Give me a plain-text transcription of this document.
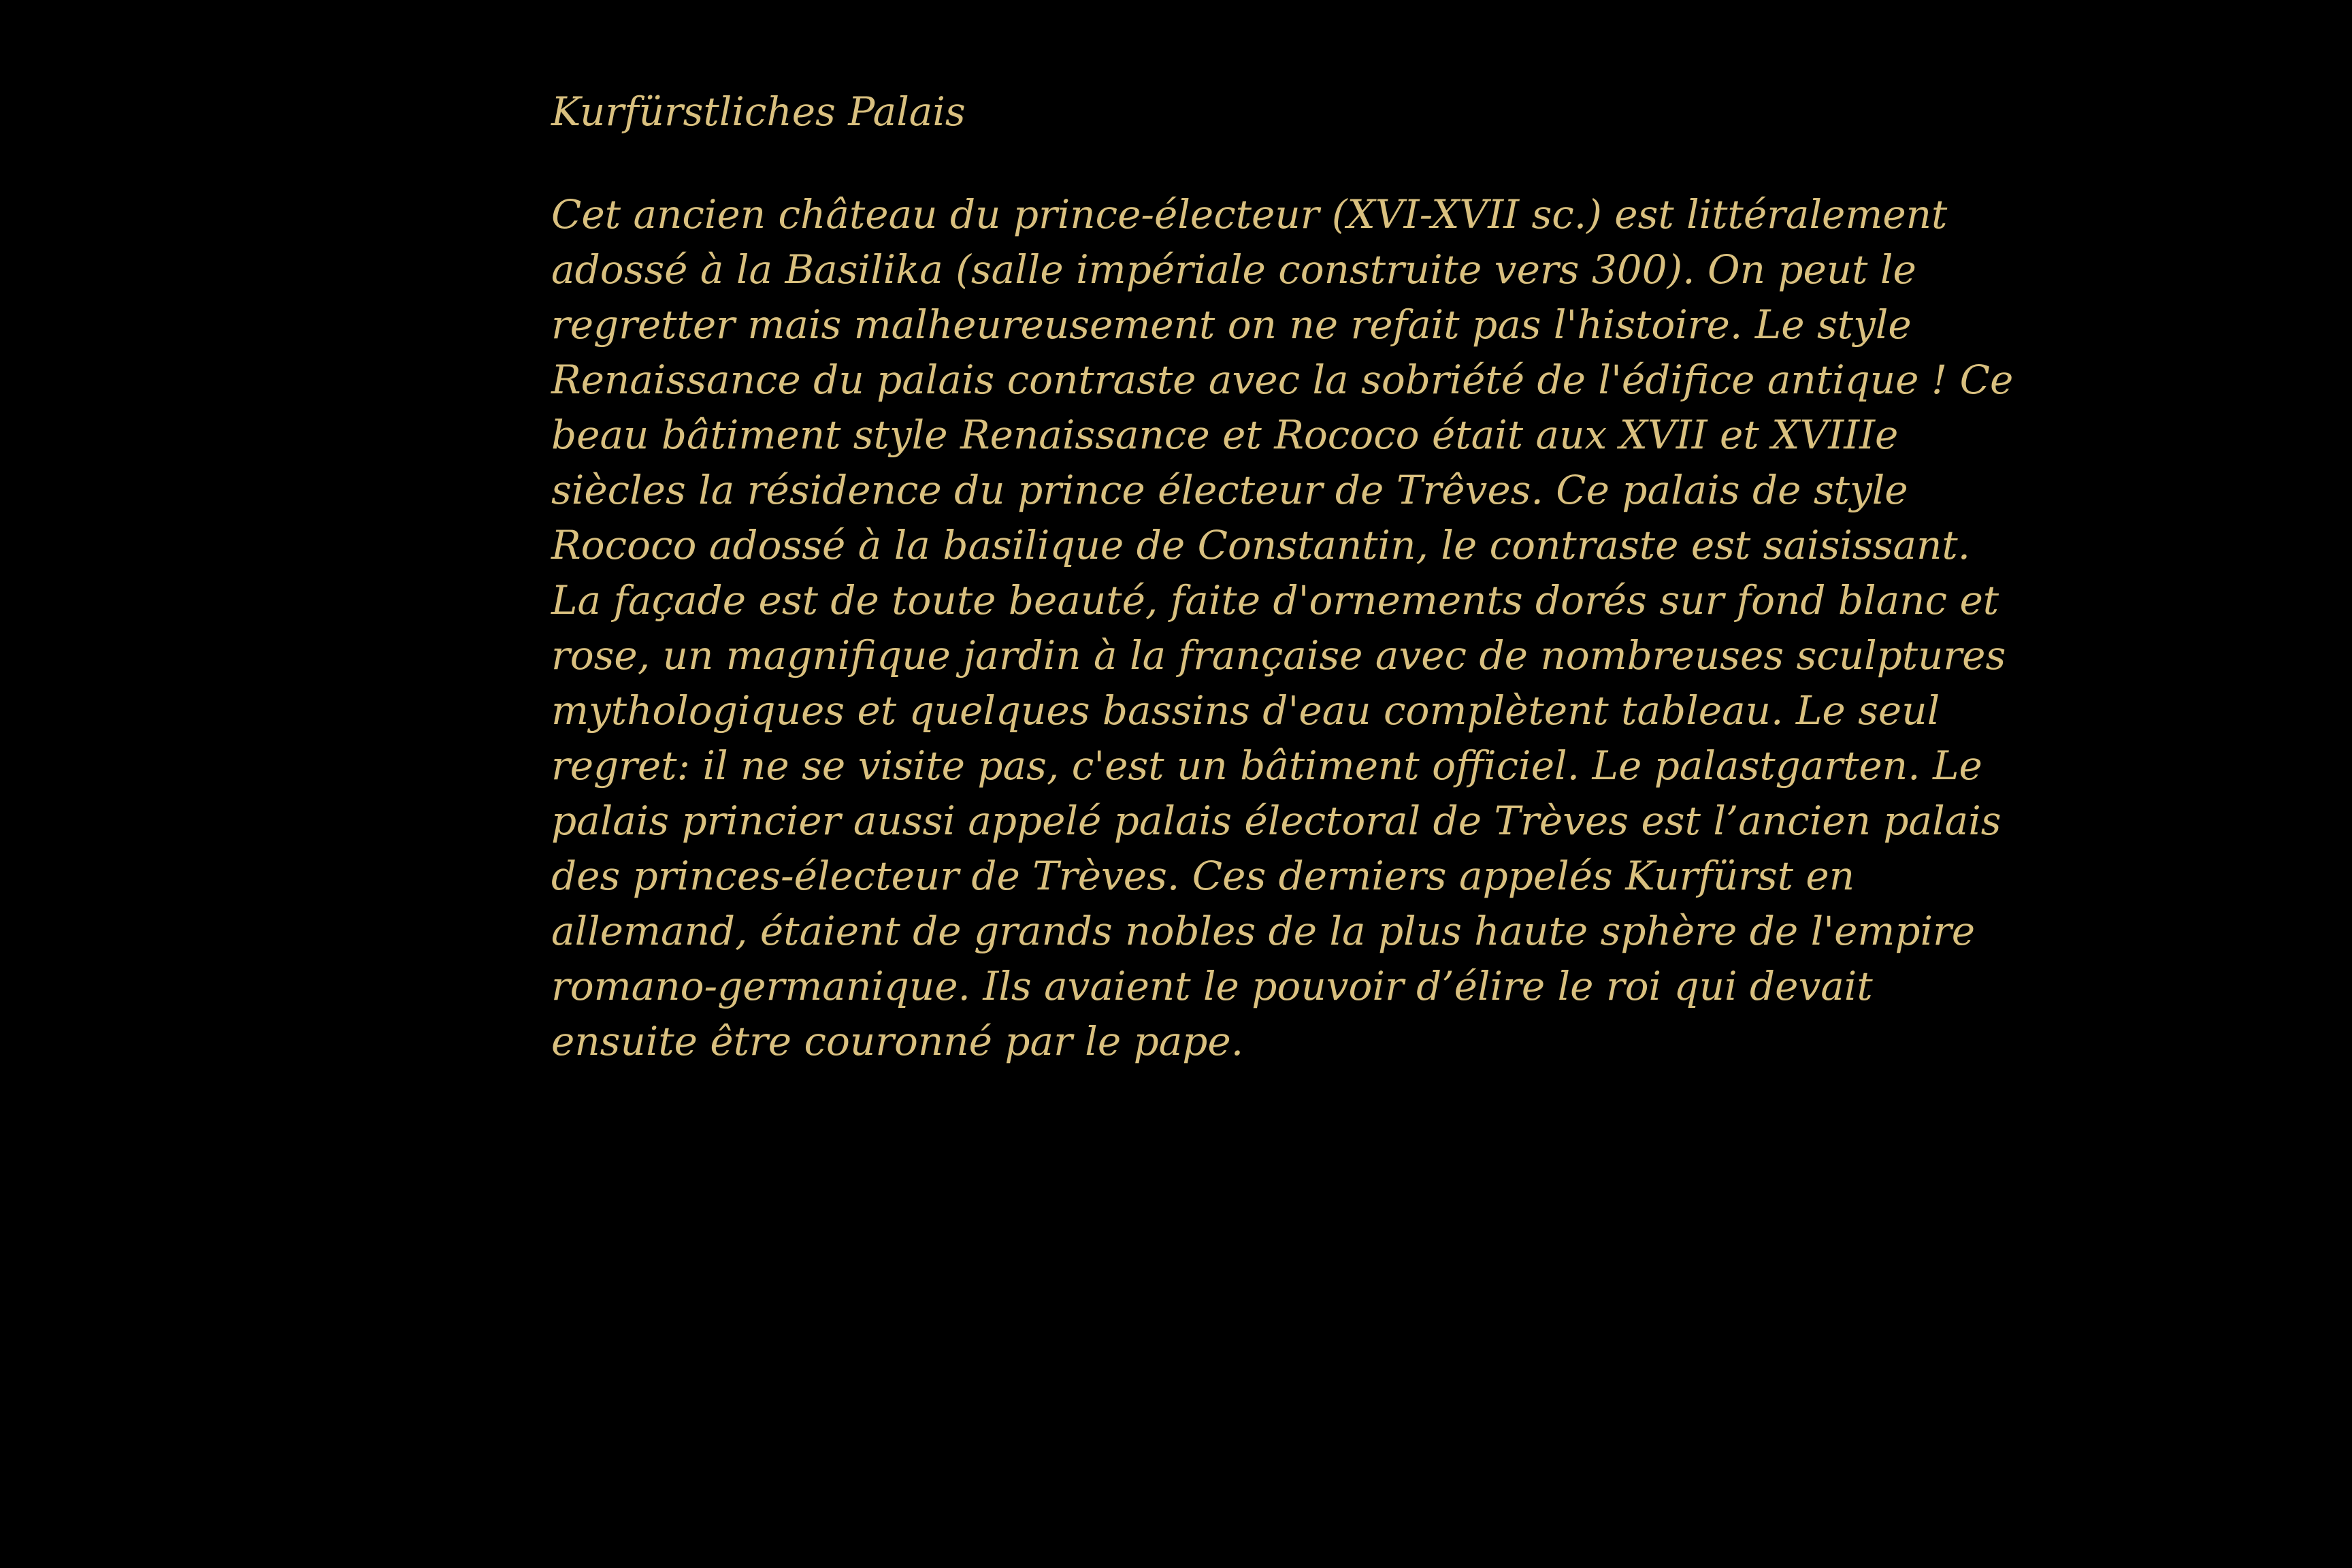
Kurfürstliches Palais
Cet ancien château du prince-électeur (XVI-XVII sc.) est littéralement
adossé à la Basilika (salle impériale construite vers 300). On peut le
regretter mais malheureusement on ne refait pas l'histoire. Le style
Renaissance du palais contraste avec la sobriété de l'édifice antique ! Ce
beau bâtiment style Renaissance et Rococo était aux XVII et XVIIIe
siècles la résidence du prince électeur de Trêves. Ce palais de style
Rococo adossé à la basilique de Constantin, le contraste est saisissant.
La façade est de toute beauté, faite d'ornements dorés sur fond blanc et
rose, un magnifique jardin à la française avec de nombreuses sculptures
mythologiques et quelques bassins d'eau complètent tableau. Le seul
regret: il ne se visite pas, c'est un bâtiment officiel. Le palastgarten. Le
palais princier aussi appelé palais électoral de Trèves est l’ancien palais
des princes-électeur de Trèves. Ces derniers appelés Kurfürst en
allemand, étaient de grands nobles de la plus haute sphère de l'empire
romano-germanique. Ils avaient le pouvoir d’élire le roi qui devait
ensuite être couronné par le pape.
